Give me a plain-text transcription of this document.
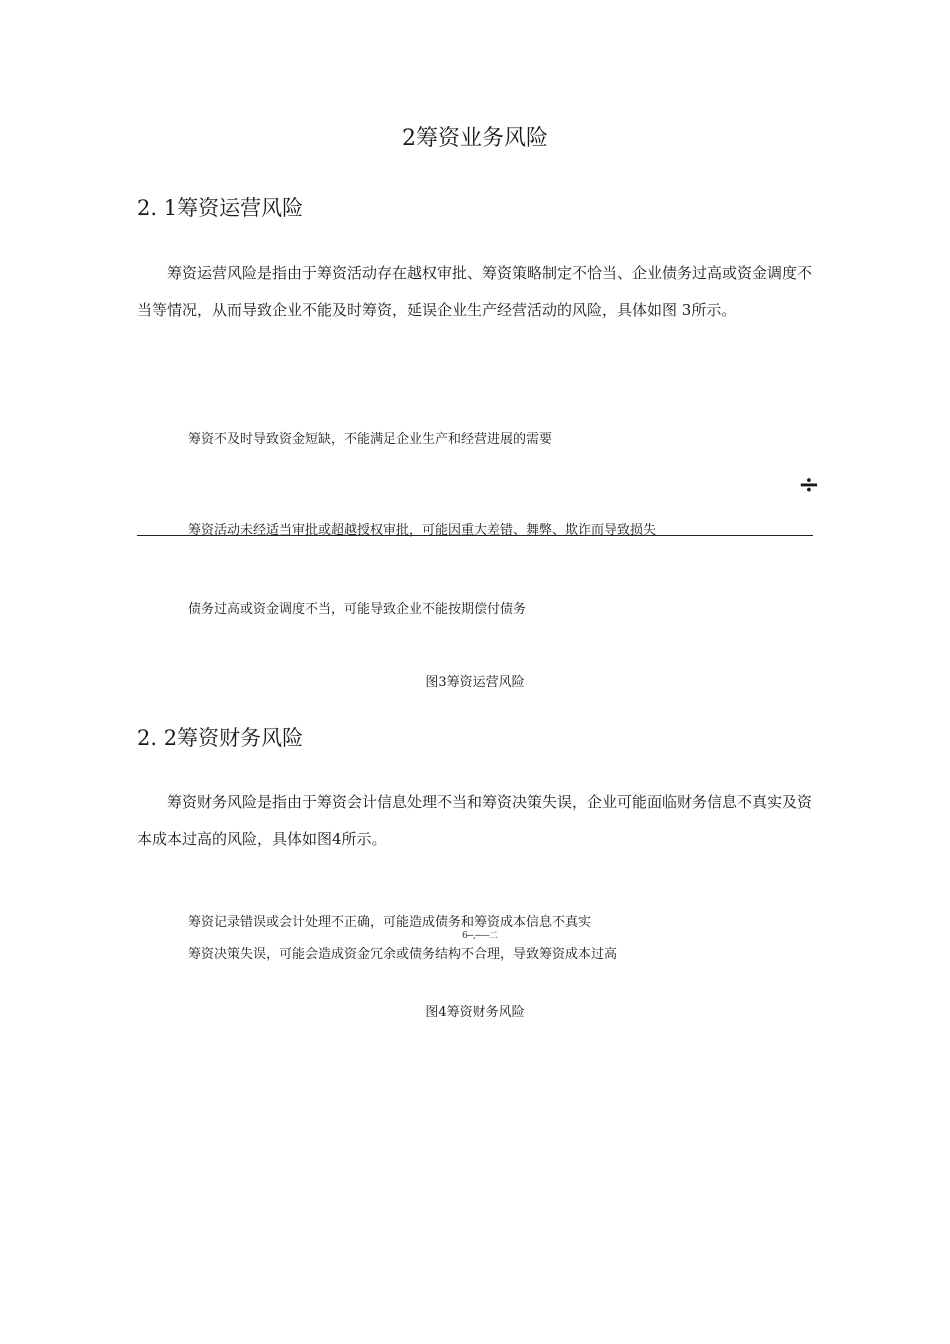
2筹资业务风险
2. 1筹资运营风险
筹资运营风险是指由于筹资活动存在越权审批、筹资策略制定不恰当、企业债务过高或资金调度不当等情况，从而导致企业不能及时筹资，延误企业生产经营活动的风险，具体如图 3所示。
筹资不及时导致资金短缺，不能满足企业生产和经营进展的需要
÷
筹资活动未经适当审批或超越授权审批，可能因重大差错、舞弊、欺诈而导致损失
债务过高或资金调度不当，可能导致企业不能按期偿付债务
图3筹资运营风险
2. 2筹资财务风险
筹资财务风险是指由于筹资会计信息处理不当和筹资决策失误，企业可能面临财务信息不真实及资本成本过高的风险，具体如图4所示。
筹资记录错误或会计处理不正确，可能造成债务和筹资成本信息不真实
6---,---—二
筹资决策失误，可能会造成资金冗余或债务结构不合理，导致筹资成本过高
图4筹资财务风险
